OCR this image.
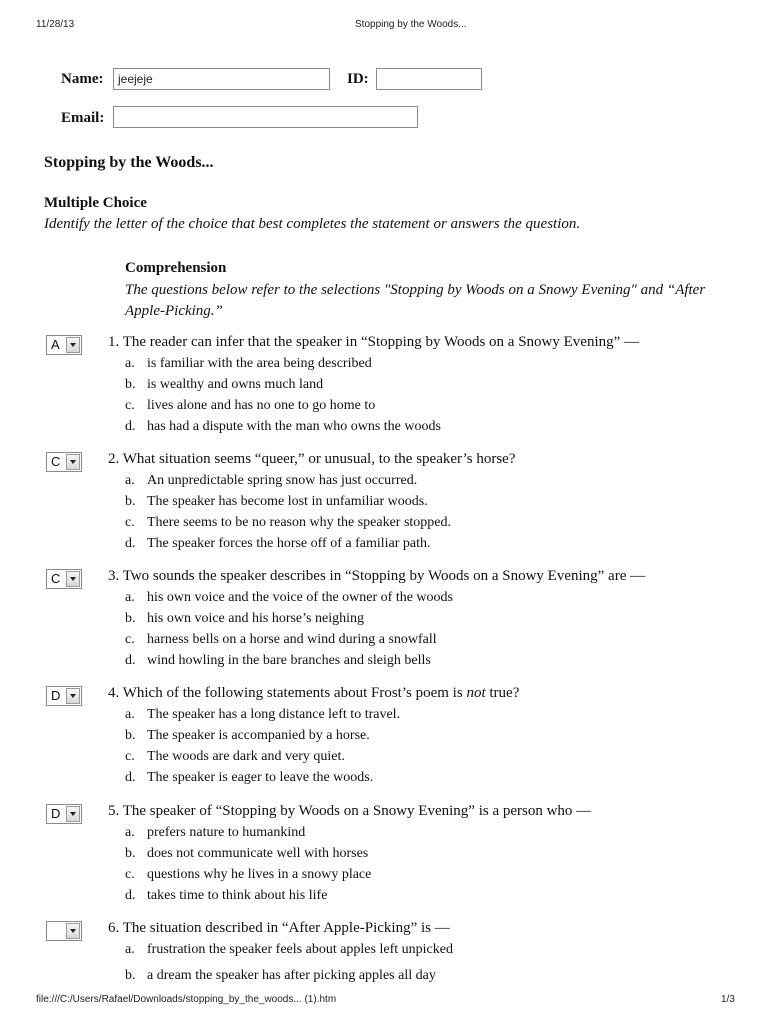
11/28/13	Stopping by the Woods...
Name:	jeejeje	ID:
Email:
Stopping by the Woods...
Multiple Choice
Identify the letter of the choice that best completes the statement or answers the question.
Comprehension
The questions below refer to the selections "Stopping by Woods on a Snowy Evening" and “After Apple-Picking.”
A	1. The reader can infer that the speaker in “Stopping by Woods on a Snowy Evening” —
a. is familiar with the area being described
b. is wealthy and owns much land
c. lives alone and has no one to go home to
d. has had a dispute with the man who owns the woods
C	2. What situation seems “queer,” or unusual, to the speaker’s horse?
a. An unpredictable spring snow has just occurred.
b. The speaker has become lost in unfamiliar woods.
c. There seems to be no reason why the speaker stopped.
d. The speaker forces the horse off of a familiar path.
C	3. Two sounds the speaker describes in “Stopping by Woods on a Snowy Evening” are —
a. his own voice and the voice of the owner of the woods
b. his own voice and his horse’s neighing
c. harness bells on a horse and wind during a snowfall
d. wind howling in the bare branches and sleigh bells
D	4. Which of the following statements about Frost’s poem is not true?
a. The speaker has a long distance left to travel.
b. The speaker is accompanied by a horse.
c. The woods are dark and very quiet.
d. The speaker is eager to leave the woods.
D	5. The speaker of “Stopping by Woods on a Snowy Evening” is a person who —
a. prefers nature to humankind
b. does not communicate well with horses
c. questions why he lives in a snowy place
d. takes time to think about his life
6. The situation described in “After Apple-Picking” is —
a. frustration the speaker feels about apples left unpicked
b. a dream the speaker has after picking apples all day
file:///C:/Users/Rafael/Downloads/stopping_by_the_woods... (1).htm	1/3
